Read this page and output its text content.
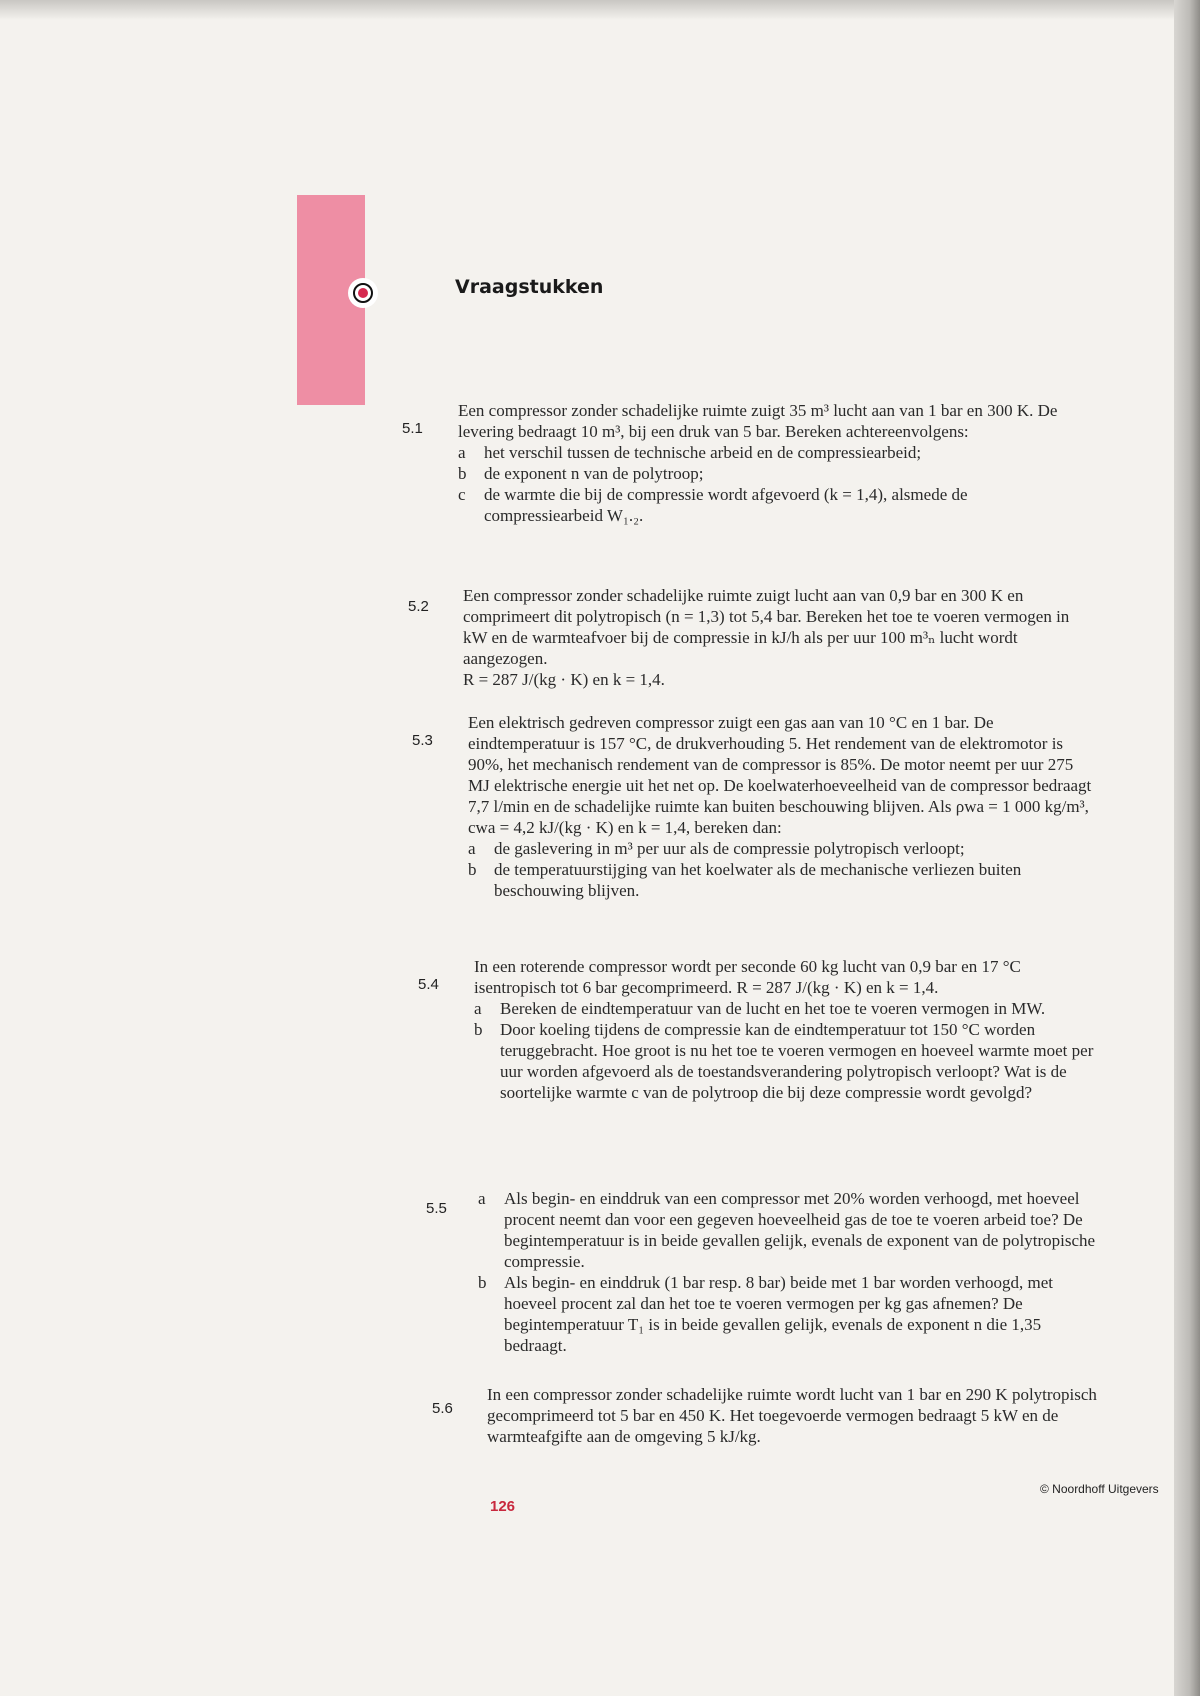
Vraagstukken
5.1

Een compressor zonder schadelijke ruimte zuigt 35 m³ lucht aan van 1 bar en 300 K. De levering bedraagt 10 m³, bij een druk van 5 bar. Bereken achtereenvolgens:

a het verschil tussen de technische arbeid en de compressiearbeid;
b de exponent n van de polytroop;
c de warmte die bij de compressie wordt afgevoerd (k = 1,4), alsmede de compressiearbeid W₁.₂.
5.2

Een compressor zonder schadelijke ruimte zuigt lucht aan van 0,9 bar en 300 K en comprimeert dit polytropisch (n = 1,3) tot 5,4 bar. Bereken het toe te voeren vermogen in kW en de warmteafvoer bij de compressie in kJ/h als per uur 100 m³ₙ lucht wordt aangezogen.

R = 287 J/(kg · K) en k = 1,4.

5.3

Een elektrisch gedreven compressor zuigt een gas aan van 10 °C en 1 bar. De eindtemperatuur is 157 °C, de drukverhouding 5. Het rendement van de elektromotor is 90%, het mechanisch rendement van de compressor is 85%. De motor neemt per uur 275 MJ elektrische energie uit het net op. De koelwaterhoeveelheid van de compressor bedraagt 7,7 l/min en de schadelijke ruimte kan buiten beschouwing blijven. Als ρwa = 1 000 kg/m³, cwa = 4,2 kJ/(kg · K) en k = 1,4, bereken dan:

a de gaslevering in m³ per uur als de compressie polytropisch verloopt;
b de temperatuurstijging van het koelwater als de mechanische verliezen buiten beschouwing blijven.
5.4

In een roterende compressor wordt per seconde 60 kg lucht van 0,9 bar en 17 °C isentropisch tot 6 bar gecomprimeerd. R = 287 J/(kg · K) en k = 1,4.

a Bereken de eindtemperatuur van de lucht en het toe te voeren vermogen in MW.
b Door koeling tijdens de compressie kan de eindtemperatuur tot 150 °C worden teruggebracht. Hoe groot is nu het toe te voeren vermogen en hoeveel warmte moet per uur worden afgevoerd als de toestandsverandering polytropisch verloopt? Wat is de soortelijke warmte c van de polytroop die bij deze compressie wordt gevolgd?
5.5
a Als begin- en einddruk van een compressor met 20% worden verhoogd, met hoeveel procent neemt dan voor een gegeven hoeveelheid gas de toe te voeren arbeid toe? De begintemperatuur is in beide gevallen gelijk, evenals de exponent van de polytropische compressie.
b Als begin- en einddruk (1 bar resp. 8 bar) beide met 1 bar worden verhoogd, met hoeveel procent zal dan het toe te voeren vermogen per kg gas afnemen? De begintemperatuur T₁ is in beide gevallen gelijk, evenals de exponent n die 1,35 bedraagt.
5.6

In een compressor zonder schadelijke ruimte wordt lucht van 1 bar en 290 K polytropisch gecomprimeerd tot 5 bar en 450 K. Het toegevoerde vermogen bedraagt 5 kW en de warmteafgifte aan de omgeving 5 kJ/kg.

© Noordhoff Uitgevers
126
